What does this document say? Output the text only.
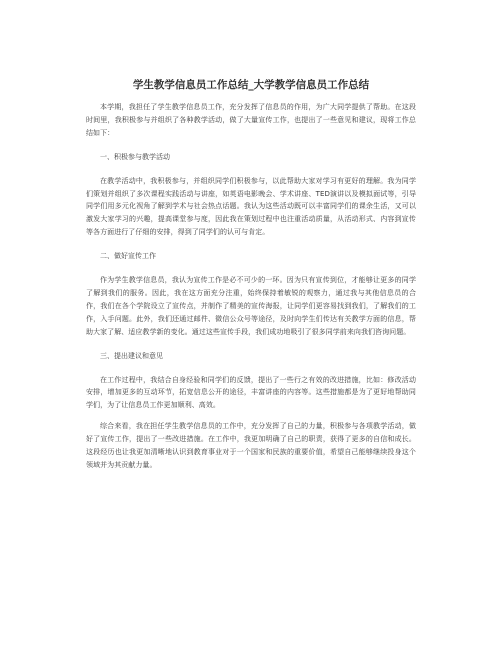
学生教学信息员工作总结_大学教学信息员工作总结

本学期，我担任了学生教学信息员工作，充分发挥了信息员的作用，为广大同学提供了帮助。在这段时间里，我积极参与并组织了各种教学活动，做了大量宣传工作，也提出了一些意见和建议，现将工作总结如下：

一、积极参与教学活动

在教学活动中，我积极参与，并组织同学们积极参与，以此帮助大家对学习有更好的理解。我为同学们策划并组织了多次课程实践活动与讲座，如英语电影晚会、学术讲座、TED演讲以及模拟面试等，引导同学们用多元化视角了解到学术与社会热点话题。我认为这些活动既可以丰富同学们的课余生活，又可以激发大家学习的兴趣，提高课堂参与度，因此我在策划过程中也注重活动质量，从活动形式、内容到宣传等各方面进行了仔细的安排，得到了同学们的认可与肯定。

二、做好宣传工作

作为学生教学信息员，我认为宣传工作是必不可少的一环。因为只有宣传到位，才能够让更多的同学了解到我们的服务。因此，我在这方面充分注重，始终保持着敏锐的观察力，通过我与其他信息员的合作，我们在各个学院设立了宣传点，并制作了精美的宣传海报，让同学们更容易找到我们，了解我们的工作，入手问题。此外，我们还通过邮件、微信公众号等途径，及时向学生们传达有关教学方面的信息，帮助大家了解、适应教学新的变化。通过这些宣传手段，我们成功地吸引了很多同学前来向我们咨询问题。

三、提出建议和意见

在工作过程中，我结合自身经验和同学们的反馈，提出了一些行之有效的改进措施，比如：修改活动安排，增加更多的互动环节，拓宽信息公开的途径，丰富讲座的内容等。这些措施都是为了更好地帮助同学们，为了让信息员工作更加顺利、高效。

综合来看，我在担任学生教学信息员的工作中，充分发挥了自己的力量，积极参与各项教学活动，做好了宣传工作，提出了一些改进措施。在工作中，我更加明确了自己的职责，获得了更多的自信和成长。这段经历也让我更加清晰地认识到教育事业对于一个国家和民族的重要价值，希望自己能够继续投身这个领域并为其贡献力量。
